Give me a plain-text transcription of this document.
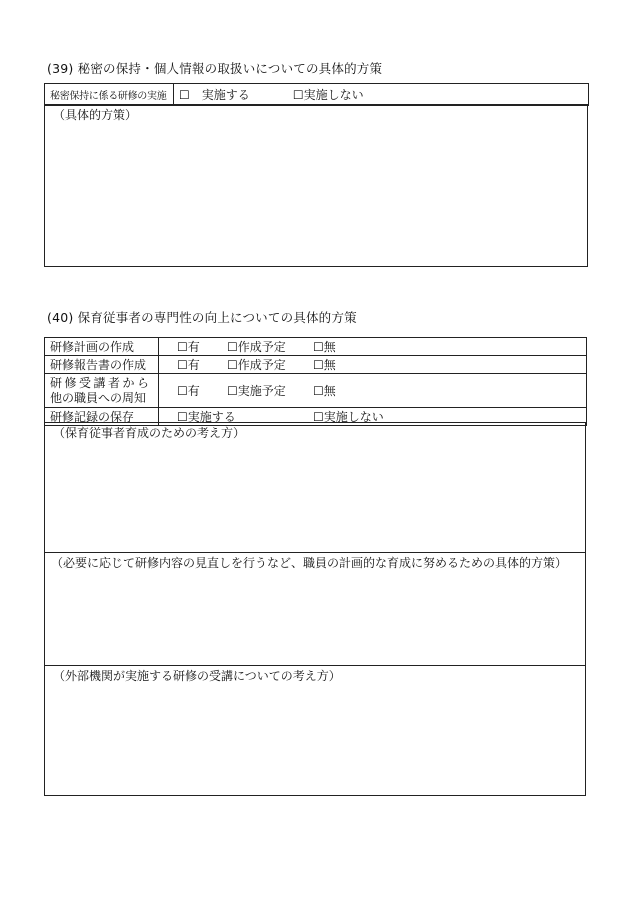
(39) 秘密の保持・個人情報の取扱いについての具体的方策
秘密保持に係る研修の実施	☐　実施する	☐実施しない
（具体的方策）
(40) 保育従事者の専門性の向上についての具体的方策
研修計画の作成	☐有 ☐作成予定 ☐無
研修報告書の作成	☐有 ☐作成予定 ☐無

研修受講者から
他の職員への周知	☐有 ☐実施予定 ☐無
研修記録の保存	☐実施する ☐実施しない
（保育従事者育成のための考え方）
（必要に応じて研修内容の見直しを行うなど、職員の計画的な育成に努めるための具体的方策）
（外部機関が実施する研修の受講についての考え方）
